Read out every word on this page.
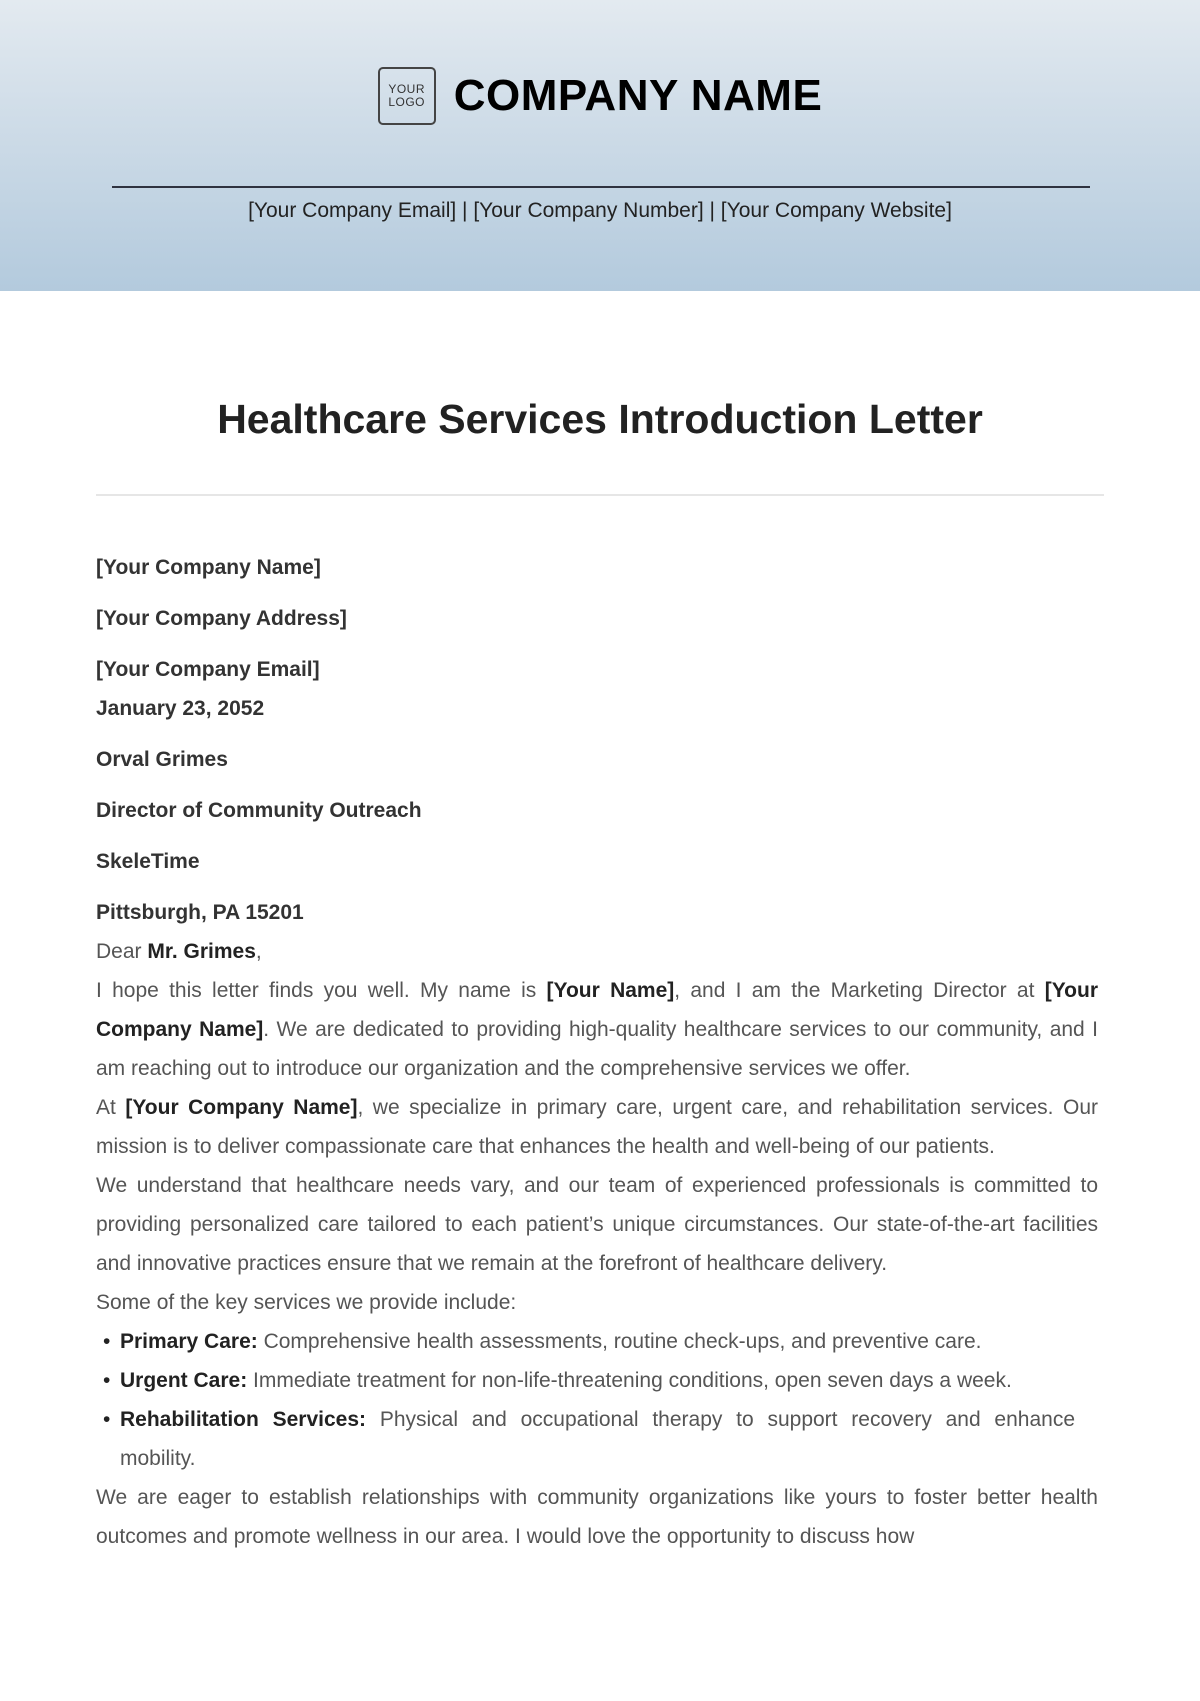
YOUR
LOGO COMPANY NAME
[Your Company Email] | [Your Company Number] | [Your Company Website]
Healthcare Services Introduction Letter
[Your Company Name]
[Your Company Address]
[Your Company Email]
January 23, 2052
Orval Grimes
Director of Community Outreach
SkeleTime
Pittsburgh, PA 15201
Dear Mr. Grimes,
I hope this letter finds you well. My name is [Your Name], and I am the Marketing Director at [Your Company Name]. We are dedicated to providing high-quality healthcare services to our community, and I am reaching out to introduce our organization and the comprehensive services we offer.
At [Your Company Name], we specialize in primary care, urgent care, and rehabilitation services. Our mission is to deliver compassionate care that enhances the health and well-being of our patients.
We understand that healthcare needs vary, and our team of experienced professionals is committed to providing personalized care tailored to each patient’s unique circumstances. Our state-of-the-art facilities and innovative practices ensure that we remain at the forefront of healthcare delivery.
Some of the key services we provide include:
• Primary Care: Comprehensive health assessments, routine check-ups, and preventive care.
• Urgent Care: Immediate treatment for non-life-threatening conditions, open seven days a week.
• Rehabilitation Services: Physical and occupational therapy to support recovery and enhance mobility.
We are eager to establish relationships with community organizations like yours to foster better health outcomes and promote wellness in our area. I would love the opportunity to discuss how
